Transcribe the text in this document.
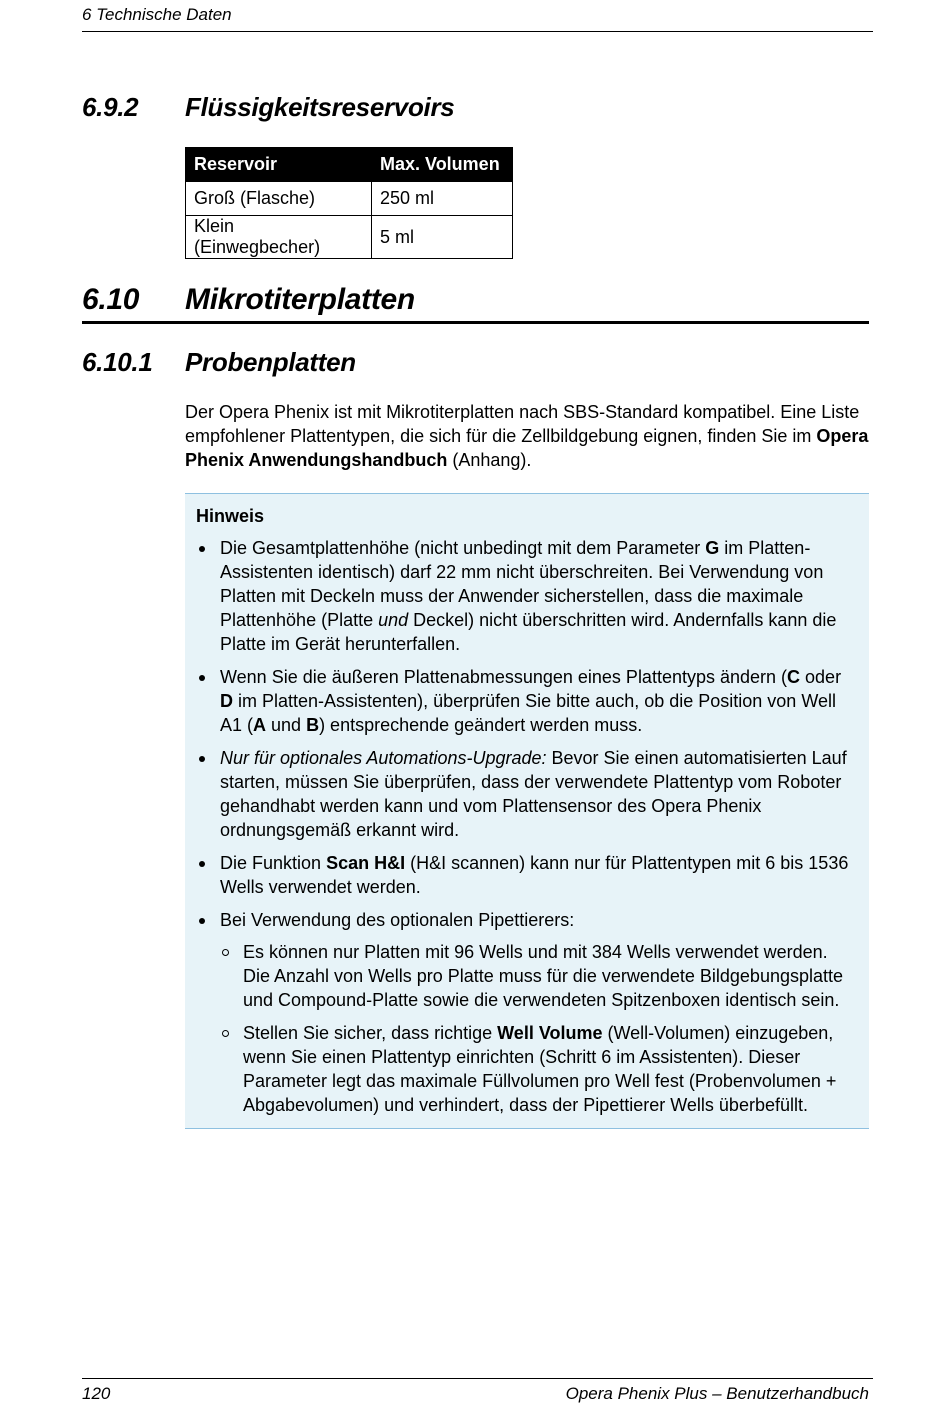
6 Technische Daten
6.9.2 Flüssigkeitsreservoirs
Reservoir	Max. Volumen
Groß (Flasche)	250 ml
Klein (Einwegbecher)	5 ml
6.10 Mikrotiterplatten
6.10.1 Probenplatten
Der Opera Phenix ist mit Mikrotiterplatten nach SBS-Standard kompatibel. Eine Liste empfohlener Plattentypen, die sich für die Zellbildgebung eignen, finden Sie im Opera Phenix Anwendungshandbuch (Anhang).
Hinweis
Die Gesamtplattenhöhe (nicht unbedingt mit dem Parameter G im Platten-Assistenten identisch) darf 22 mm nicht überschreiten. Bei Verwendung von Platten mit Deckeln muss der Anwender sicherstellen, dass die maximale Plattenhöhe (Platte und Deckel) nicht überschritten wird. Andernfalls kann die Platte im Gerät herunterfallen.
Wenn Sie die äußeren Plattenabmessungen eines Plattentyps ändern (C oder D im Platten-Assistenten), überprüfen Sie bitte auch, ob die Position von Well A1 (A und B) entsprechende geändert werden muss.
Nur für optionales Automations-Upgrade: Bevor Sie einen automatisierten Lauf starten, müssen Sie überprüfen, dass der verwendete Plattentyp vom Roboter gehandhabt werden kann und vom Plattensensor des Opera Phenix ordnungsgemäß erkannt wird.
Die Funktion Scan H&I (H&I scannen) kann nur für Plattentypen mit 6 bis 1536 Wells verwendet werden.
Bei Verwendung des optionalen Pipettierers:
Es können nur Platten mit 96 Wells und mit 384 Wells verwendet werden. Die Anzahl von Wells pro Platte muss für die verwendete Bildgebungsplatte und Compound-Platte sowie die verwendeten Spitzenboxen identisch sein.
Stellen Sie sicher, dass richtige Well Volume (Well-Volumen) einzugeben, wenn Sie einen Plattentyp einrichten (Schritt 6 im Assistenten). Dieser Parameter legt das maximale Füllvolumen pro Well fest (Probenvolumen + Abgabevolumen) und verhindert, dass der Pipettierer Wells überbefüllt.
120	Opera Phenix Plus – Benutzerhandbuch
